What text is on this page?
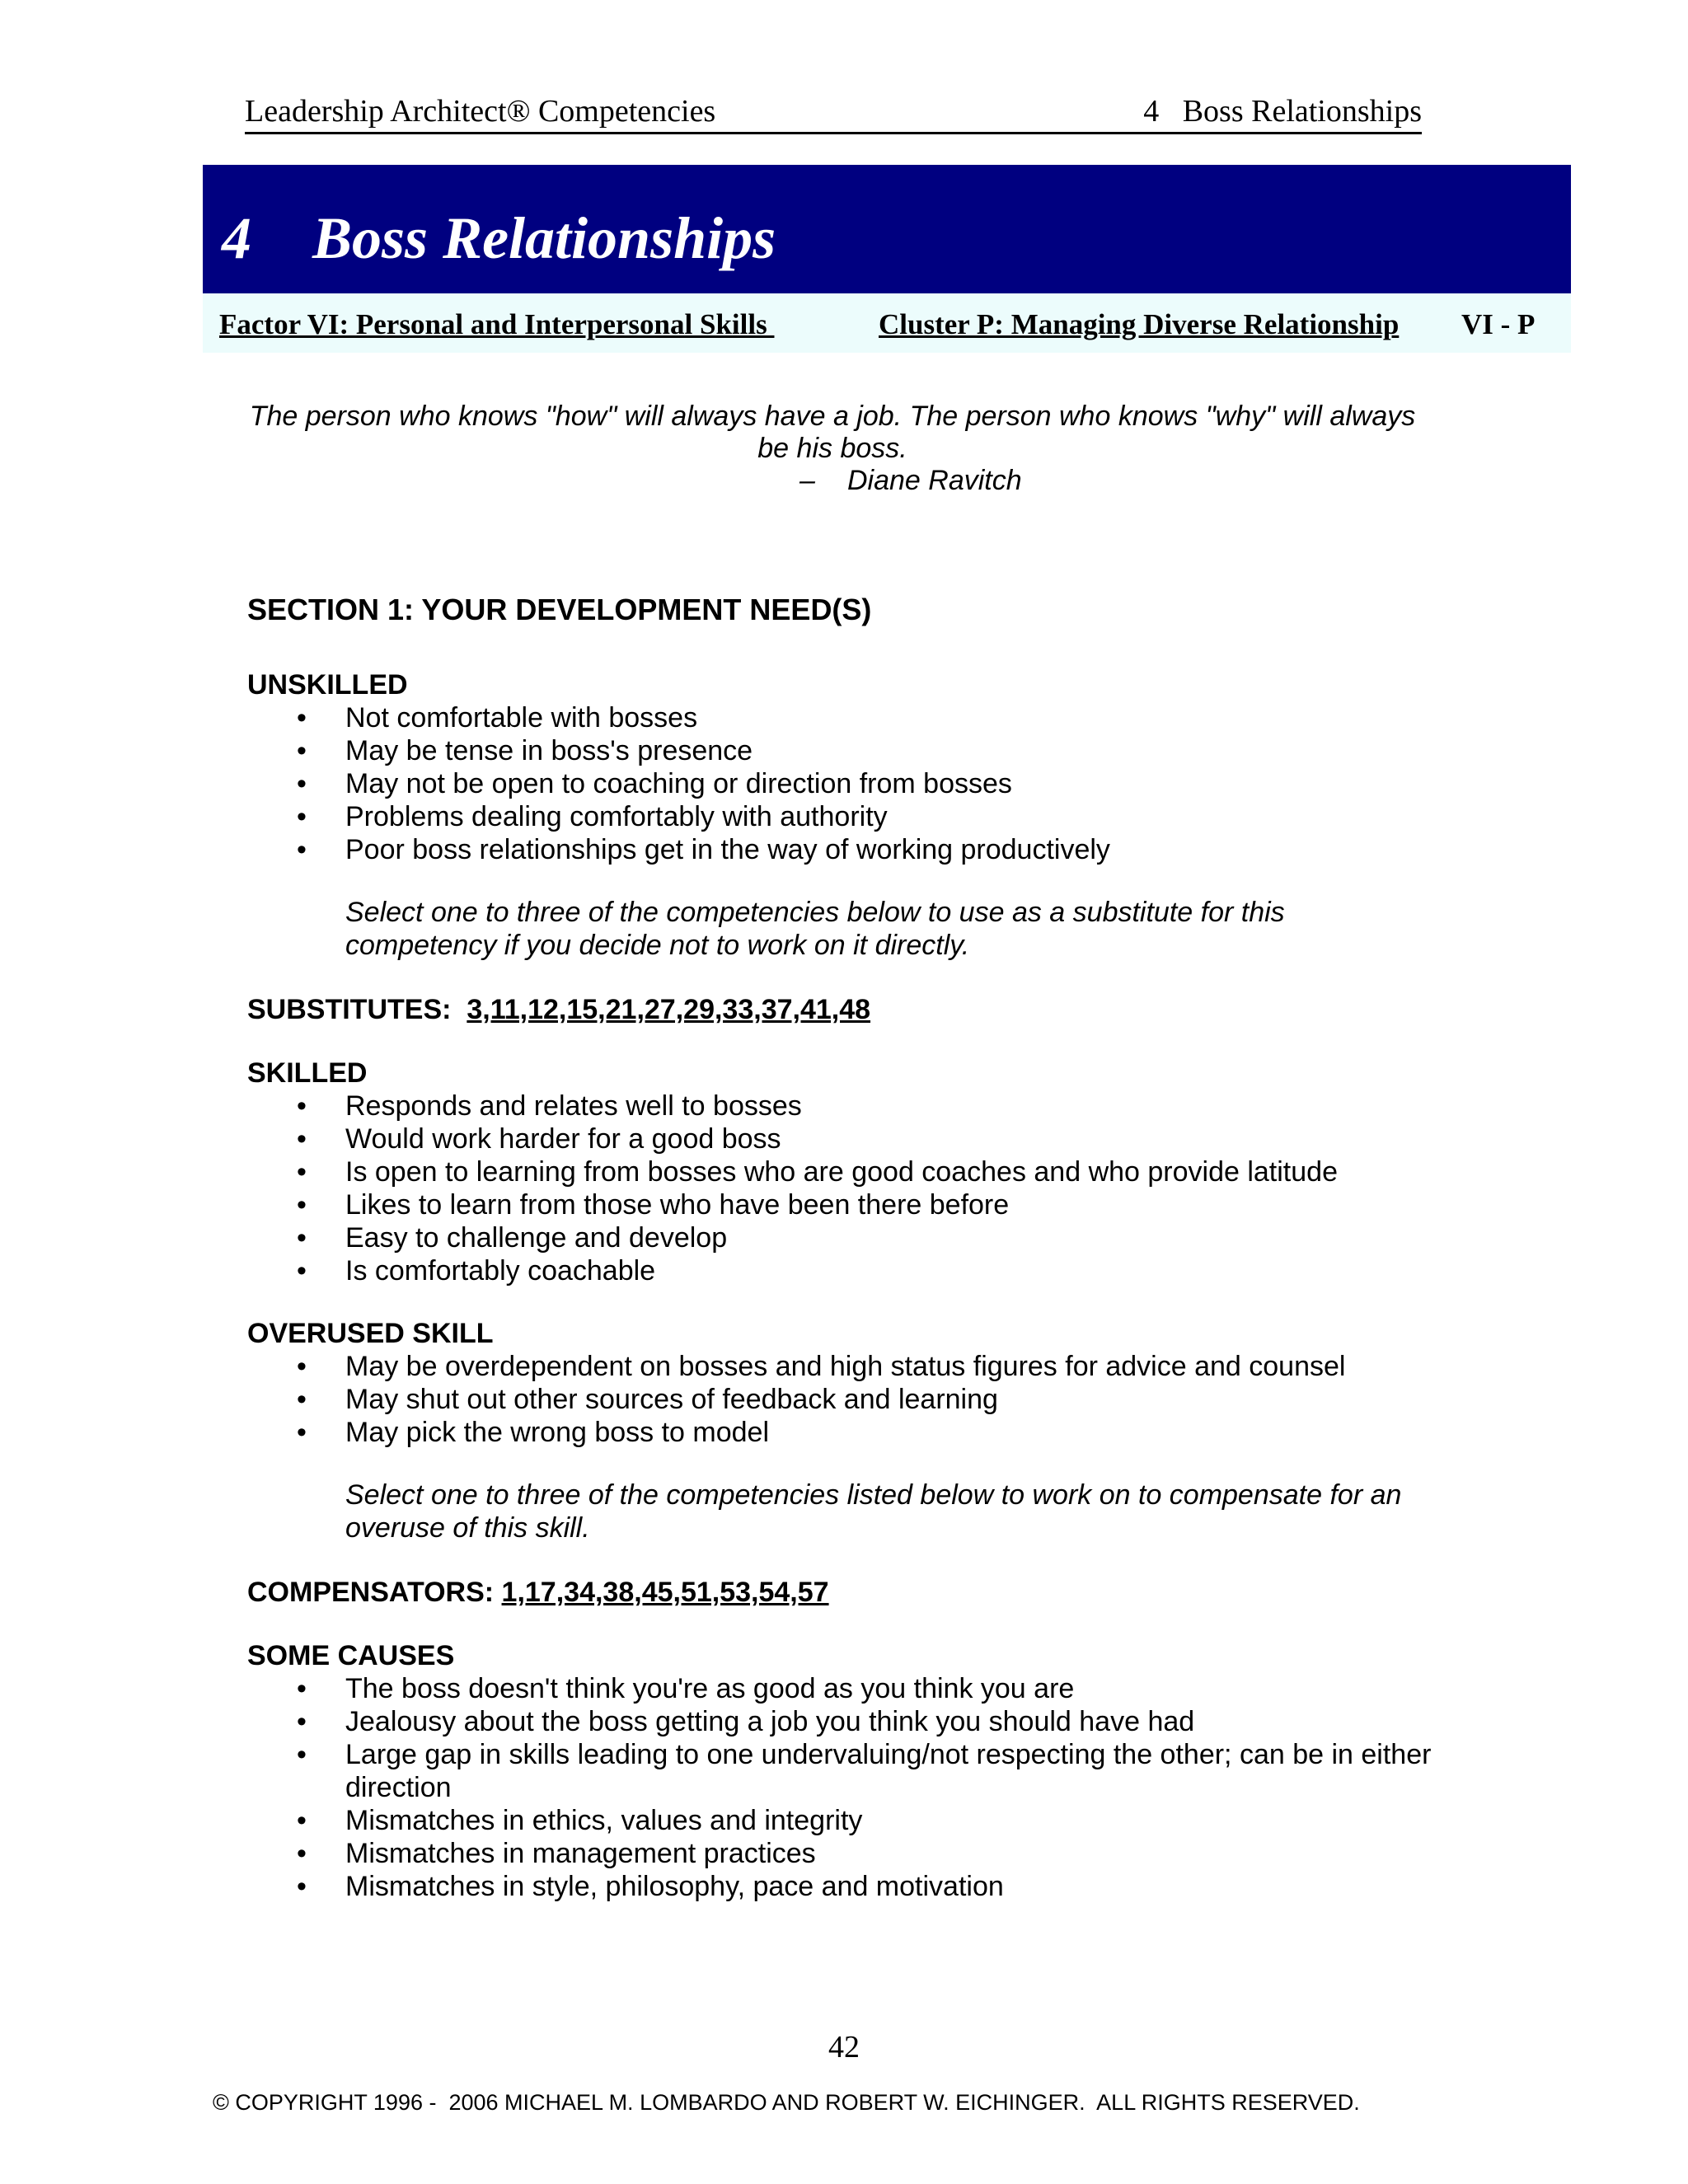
Leadership Architect® Competencies	4   Boss Relationships
4	Boss Relationships
Factor VI: Personal and Interpersonal Skills	Cluster P: Managing Diverse Relationship VI - P
The person who knows "how" will always have a job. The person who knows "why" will always be his boss.
– Diane Ravitch

SECTION 1: YOUR DEVELOPMENT NEED(S)

UNSKILLED

• Not comfortable with bosses
• May be tense in boss's presence
• May not be open to coaching or direction from bosses
• Problems dealing comfortably with authority
• Poor boss relationships get in the way of working productively

Select one to three of the competencies below to use as a substitute for this competency if you decide not to work on it directly.

SUBSTITUTES: 3,11,12,15,21,27,29,33,37,41,48

SKILLED

• Responds and relates well to bosses
• Would work harder for a good boss
• Is open to learning from bosses who are good coaches and who provide latitude
• Likes to learn from those who have been there before
• Easy to challenge and develop
• Is comfortably coachable

OVERUSED SKILL

• May be overdependent on bosses and high status figures for advice and counsel
• May shut out other sources of feedback and learning
• May pick the wrong boss to model

Select one to three of the competencies listed below to work on to compensate for an overuse of this skill.

COMPENSATORS: 1,17,34,38,45,51,53,54,57

SOME CAUSES

• The boss doesn't think you're as good as you think you are
• Jealousy about the boss getting a job you think you should have had
• Large gap in skills leading to one undervaluing/not respecting the other; can be in either direction
• Mismatches in ethics, values and integrity
• Mismatches in management practices
• Mismatches in style, philosophy, pace and motivation
42
© COPYRIGHT 1996 -  2006 MICHAEL M. LOMBARDO AND ROBERT W. EICHINGER.  ALL RIGHTS RESERVED.
